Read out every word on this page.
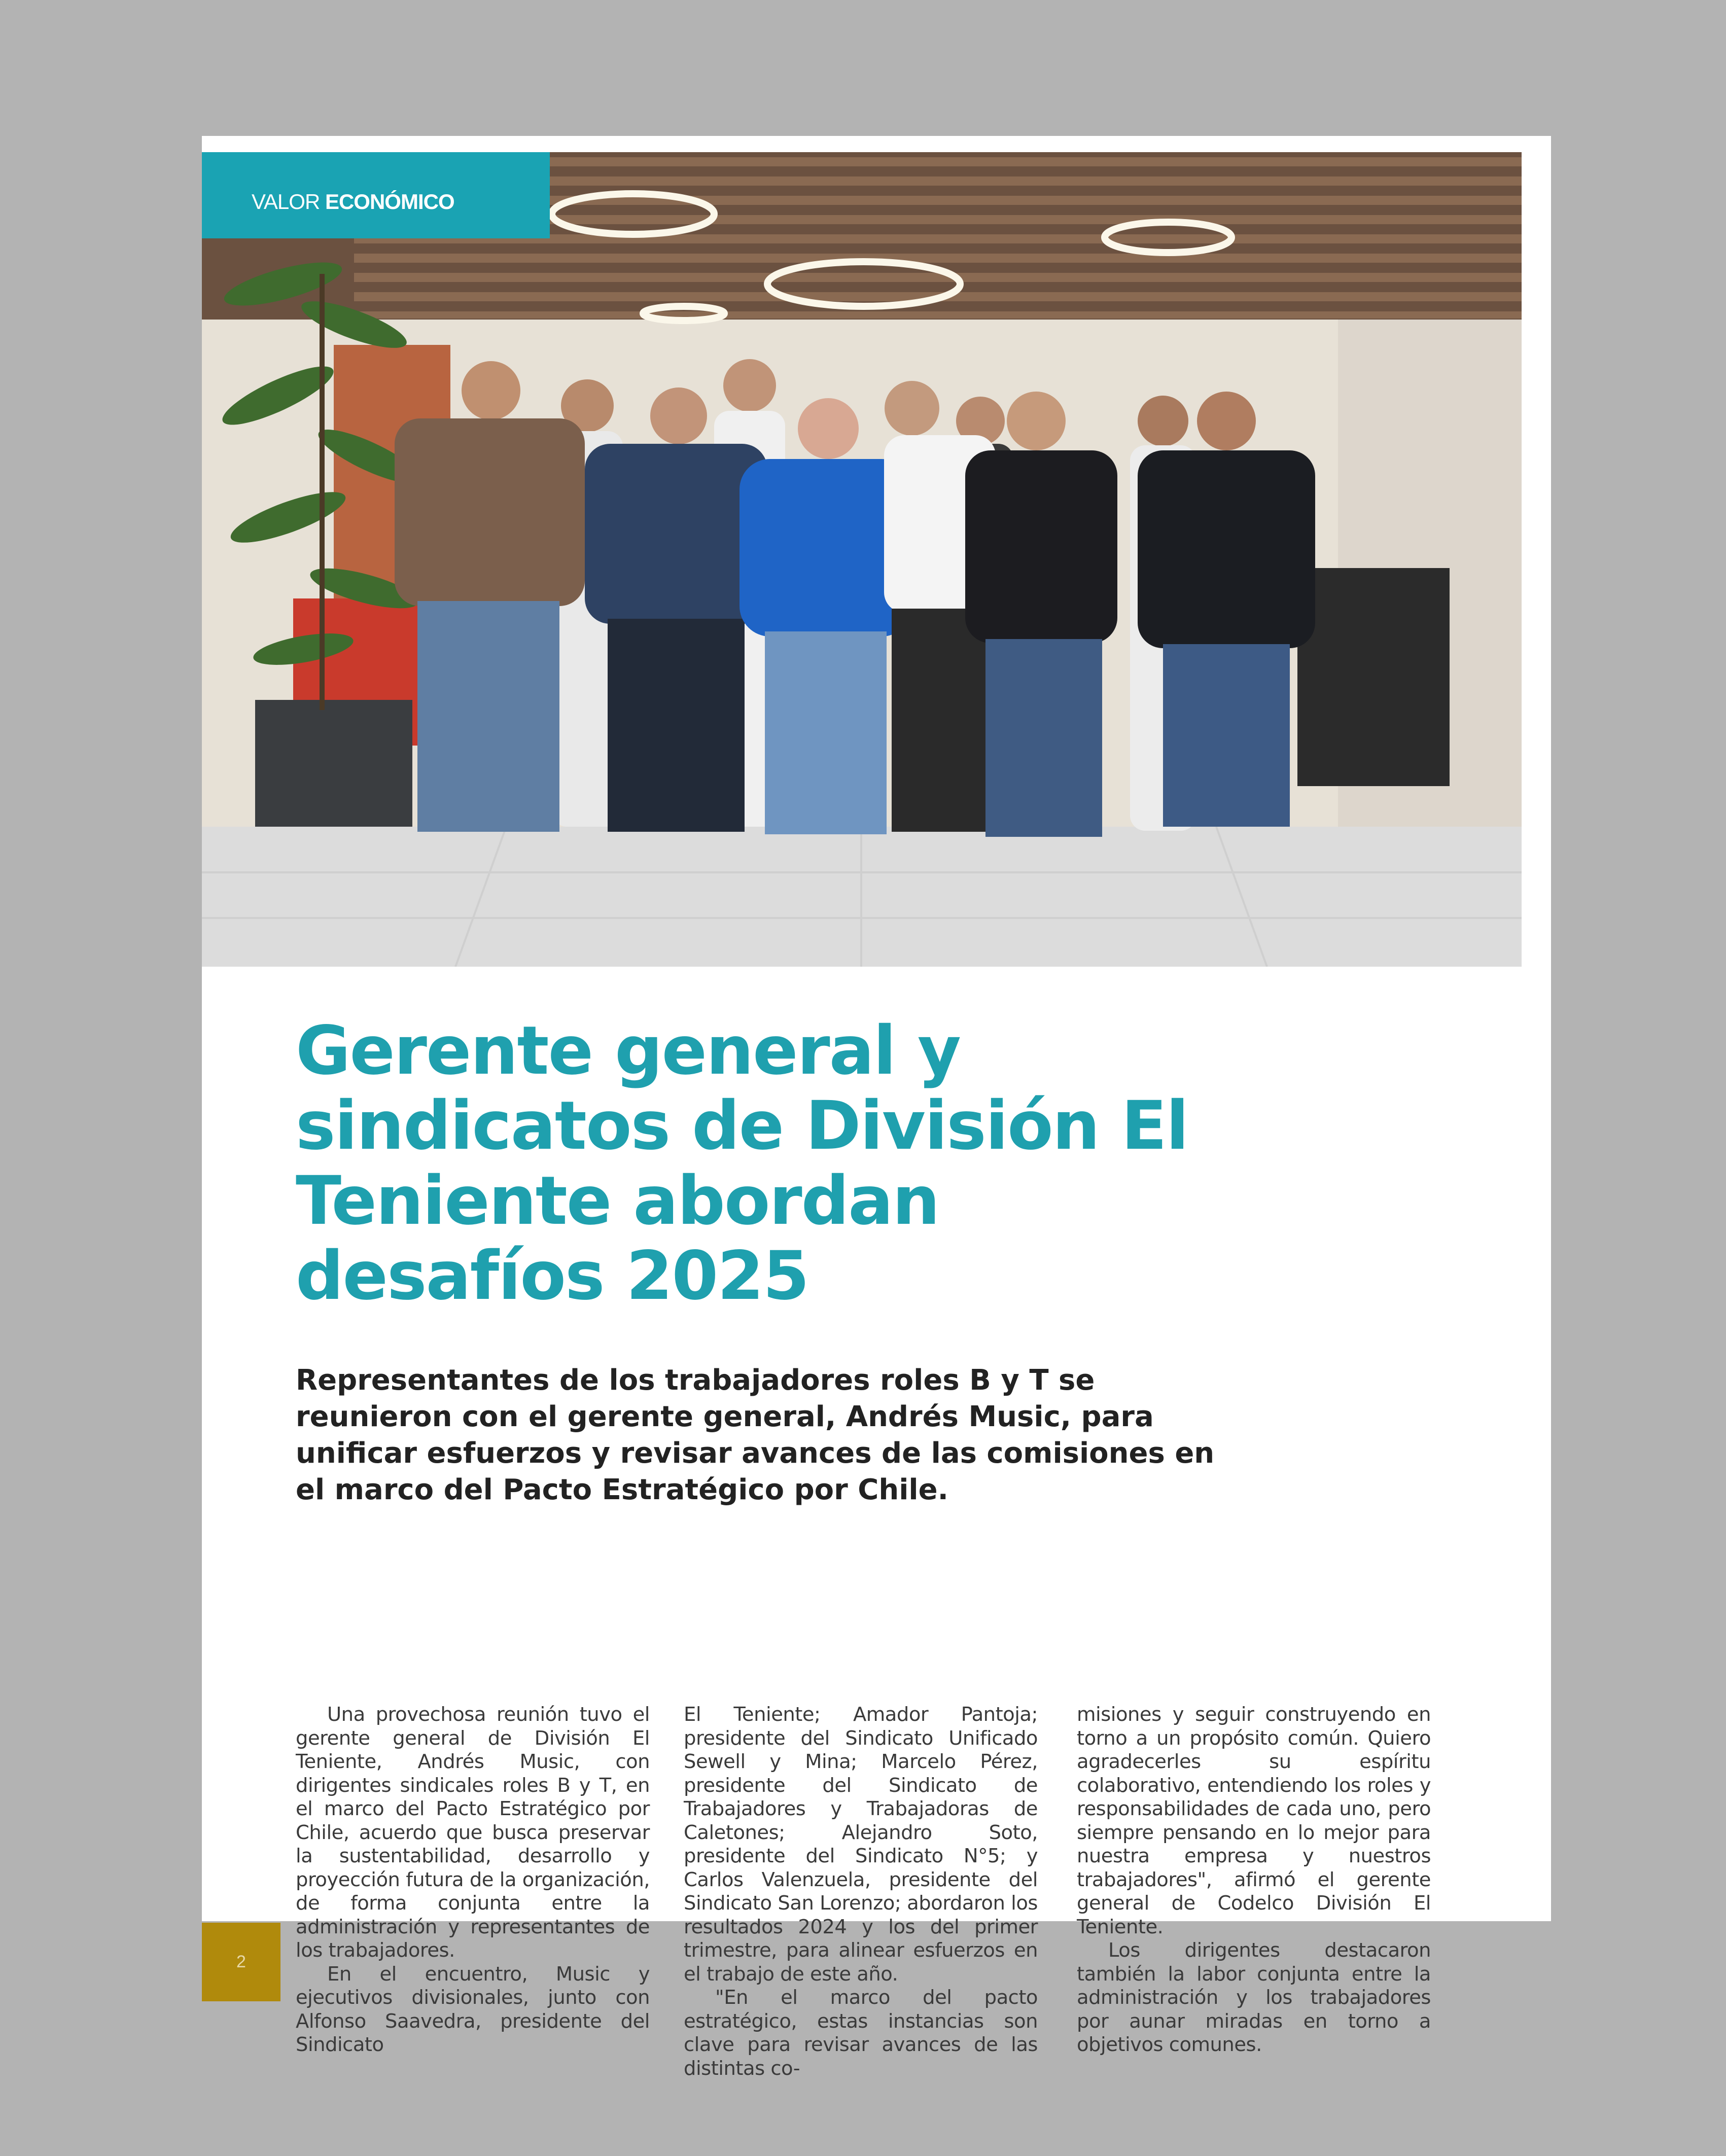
VALOR ECONÓMICO
Gerente general y sindicatos de División El Teniente abordan desafíos 2025

Representantes de los trabajadores roles B y T se reunieron con el gerente general, Andrés Music, para unificar esfuerzos y revisar avances de las comisiones en el marco del Pacto Estratégico por Chile.

Una provechosa reunión tuvo el gerente general de División El Teniente, Andrés Music, con dirigentes sindicales roles B y T, en el marco del Pacto Estratégico por Chile, acuerdo que busca preservar la sustentabilidad, desarrollo y proyección futura de la organización, de forma conjunta entre la administración y representantes de los trabajadores.

En el encuentro, Music y ejecutivos divisionales, junto con Alfonso Saavedra, presidente del Sindicato

El Teniente; Amador Pantoja; presidente del Sindicato Unificado Sewell y Mina; Marcelo Pérez, presidente del Sindicato de Trabajadores y Trabajadoras de Caletones; Alejandro Soto, presidente del Sindicato N°5; y Carlos Valenzuela, presidente del Sindicato San Lorenzo; abordaron los resultados 2024 y los del primer trimestre, para alinear esfuerzos en el trabajo de este año.

"En el marco del pacto estratégico, estas instancias son clave para revisar avances de las distintas co-

misiones y seguir construyendo en torno a un propósito común. Quiero agradecerles su espíritu colaborativo, entendiendo los roles y responsabilidades de cada uno, pero siempre pensando en lo mejor para nuestra empresa y nuestros trabajadores", afirmó el gerente general de Codelco División El Teniente.

Los dirigentes destacaron también la labor conjunta entre la administración y los trabajadores por aunar miradas en torno a objetivos comunes.

2
